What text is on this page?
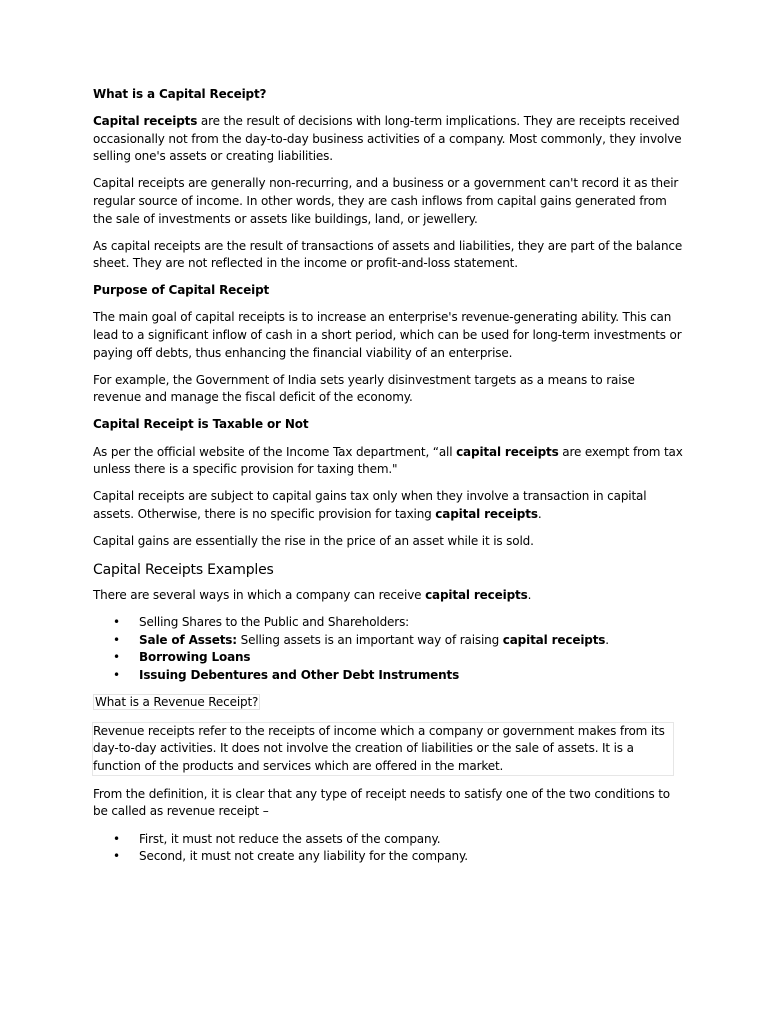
What is a Capital Receipt?

Capital receipts are the result of decisions with long-term implications. They are receipts received occasionally not from the day-to-day business activities of a company. Most commonly, they involve selling one's assets or creating liabilities.

Capital receipts are generally non-recurring, and a business or a government can't record it as their regular source of income. In other words, they are cash inflows from capital gains generated from the sale of investments or assets like buildings, land, or jewellery.

As capital receipts are the result of transactions of assets and liabilities, they are part of the balance sheet. They are not reflected in the income or profit-and-loss statement.

Purpose of Capital Receipt

The main goal of capital receipts is to increase an enterprise's revenue-generating ability. This can lead to a significant inflow of cash in a short period, which can be used for long-term investments or paying off debts, thus enhancing the financial viability of an enterprise.

For example, the Government of India sets yearly disinvestment targets as a means to raise revenue and manage the fiscal deficit of the economy.

Capital Receipt is Taxable or Not

As per the official website of the Income Tax department, “all capital receipts are exempt from tax unless there is a specific provision for taxing them."

Capital receipts are subject to capital gains tax only when they involve a transaction in capital assets. Otherwise, there is no specific provision for taxing capital receipts.

Capital gains are essentially the rise in the price of an asset while it is sold.

Capital Receipts Examples

There are several ways in which a company can receive capital receipts.

• Selling Shares to the Public and Shareholders:
• Sale of Assets: Selling assets is an important way of raising capital receipts.
• Borrowing Loans
• Issuing Debentures and Other Debt Instruments

What is a Revenue Receipt?

Revenue receipts refer to the receipts of income which a company or government makes from its day-to-day activities. It does not involve the creation of liabilities or the sale of assets. It is a function of the products and services which are offered in the market.

From the definition, it is clear that any type of receipt needs to satisfy one of the two conditions to be called as revenue receipt –

• First, it must not reduce the assets of the company.
• Second, it must not create any liability for the company.
